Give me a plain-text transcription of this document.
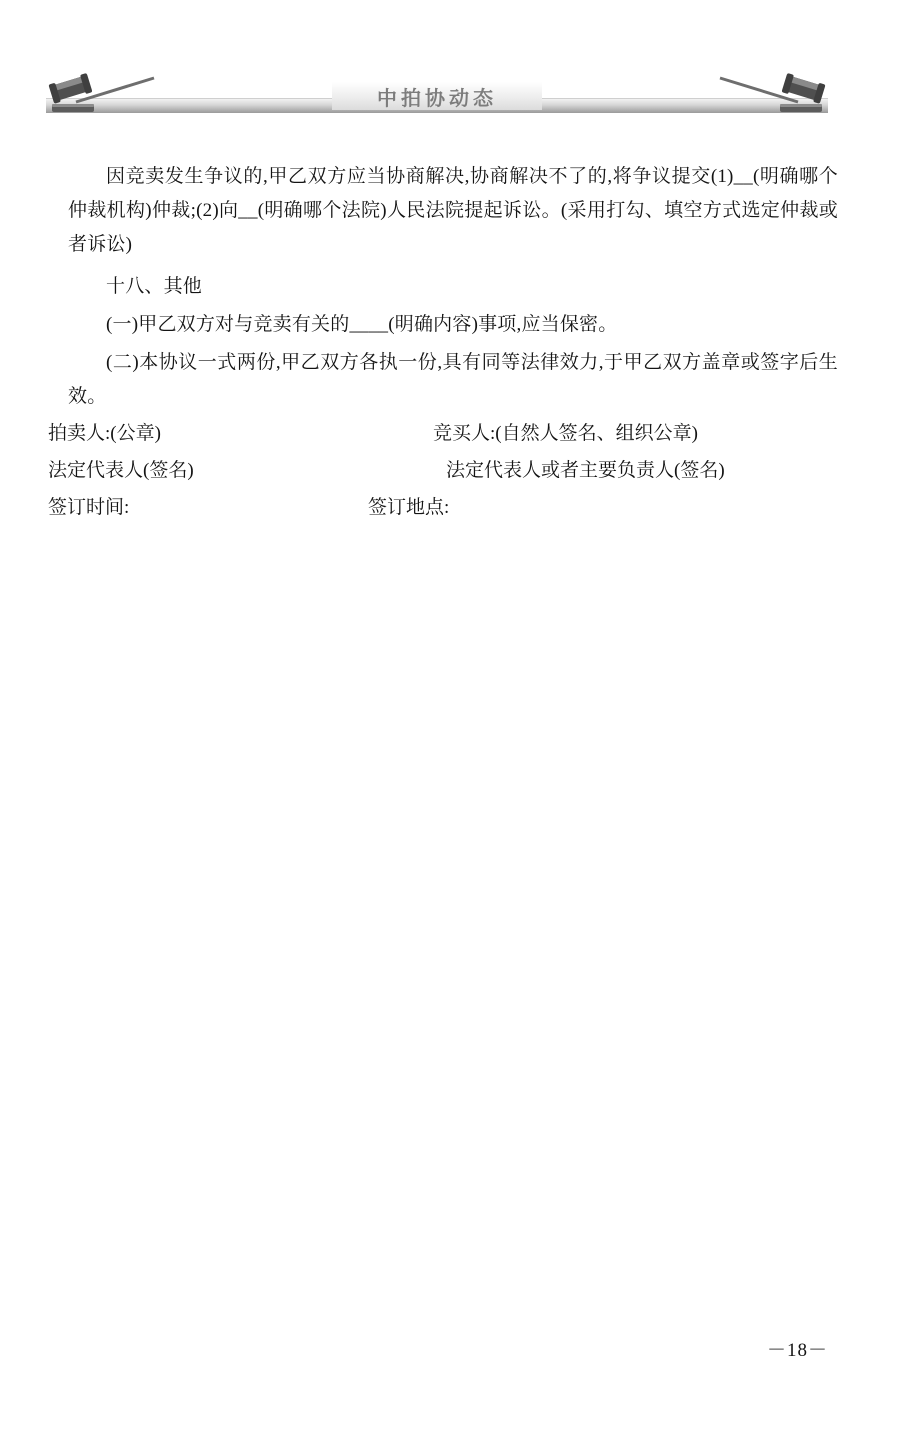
中拍协动态

因竞卖发生争议的,甲乙双方应当协商解决,协商解决不了的,将争议提交(1)__(明确哪个仲裁机构)仲裁;(2)向__(明确哪个法院)人民法院提起诉讼。(采用打勾、填空方式选定仲裁或者诉讼)

十八、其他

(一)甲乙双方对与竞卖有关的____(明确内容)事项,应当保密。

(二)本协议一式两份,甲乙双方各执一份,具有同等法律效力,于甲乙双方盖章或签字后生效。

拍卖人:(公章)	竞买人:(自然人签名、组织公章)
法定代表人(签名)	法定代表人或者主要负责人(签名)
签订时间:	签订地点:
－18－
